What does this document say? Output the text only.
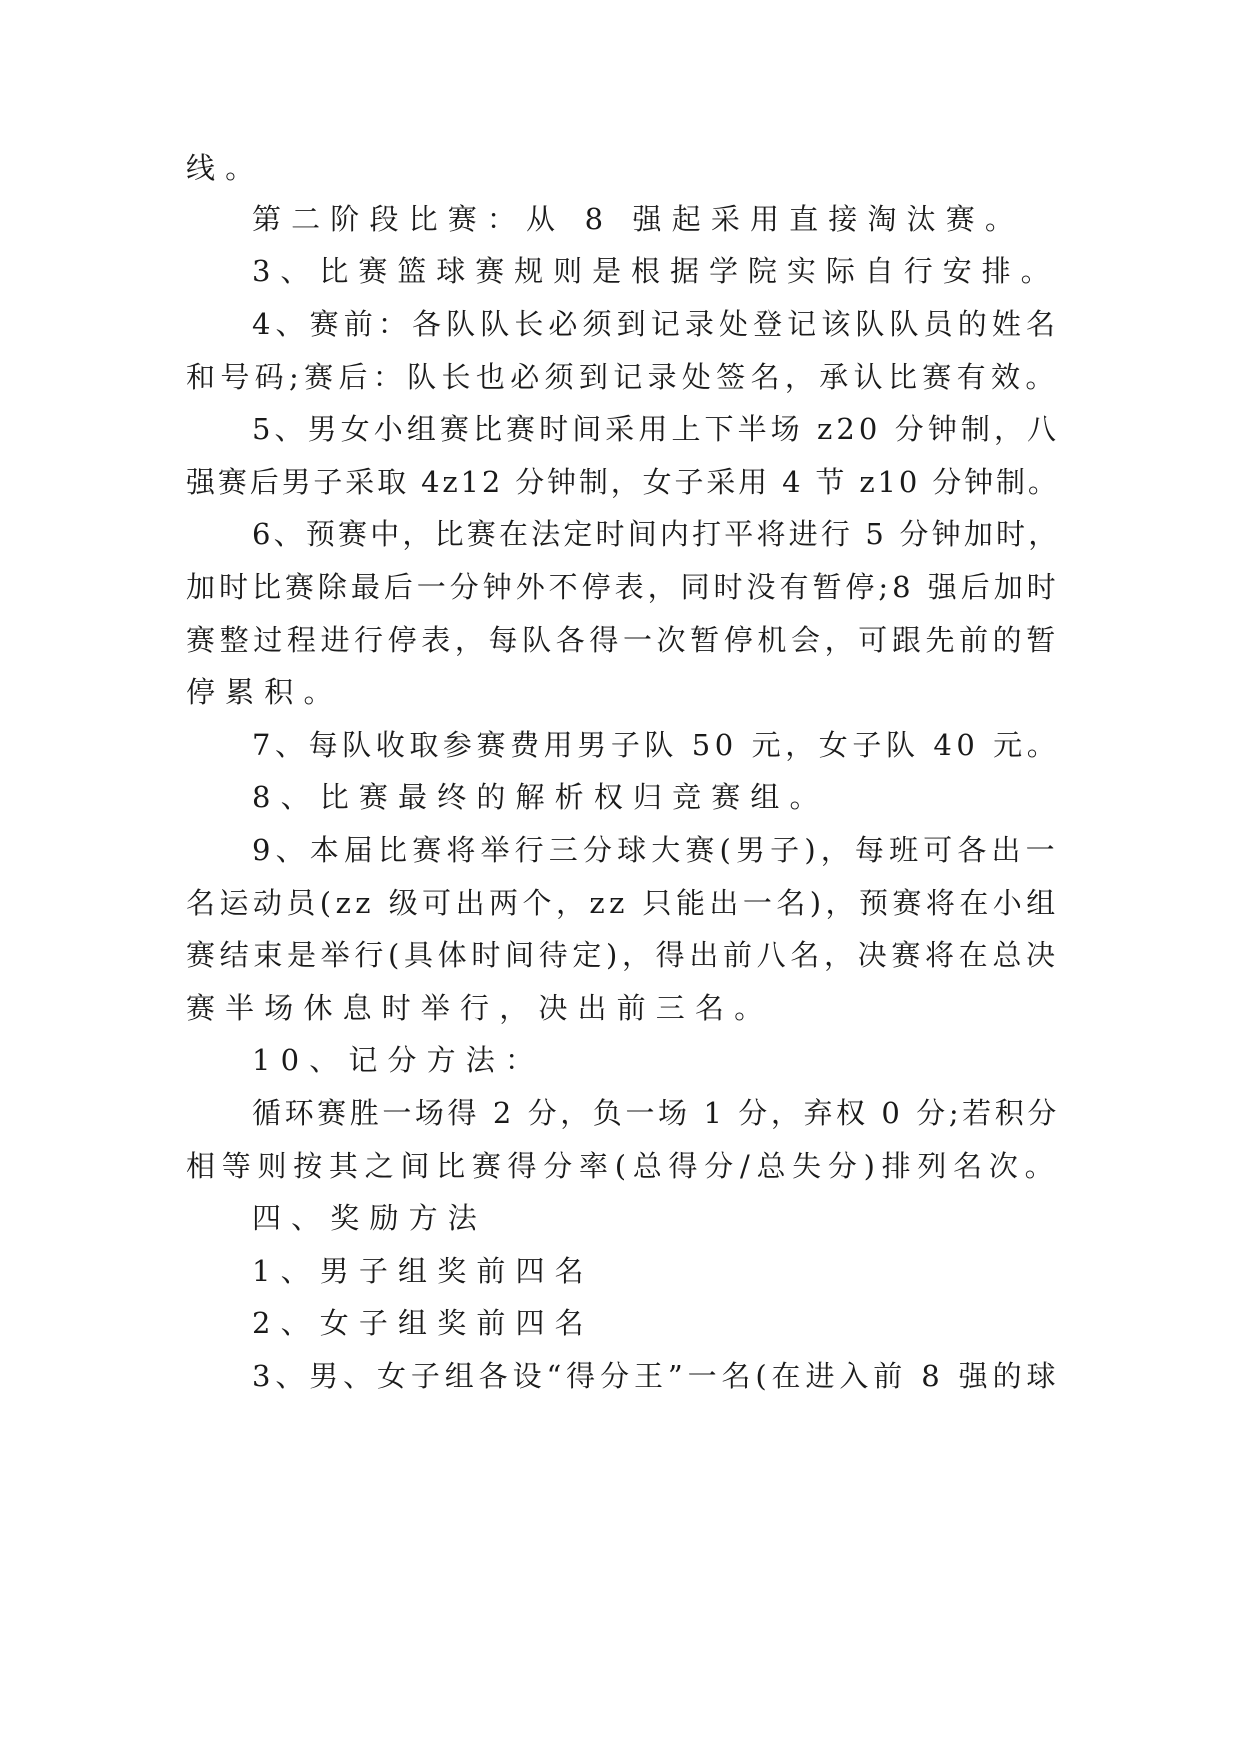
线。
第二阶段比赛：从 8 强起采用直接淘汰赛。
3、比赛篮球赛规则是根据学院实际自行安排。
4、赛前：各队队长必须到记录处登记该队队员的姓名
和号码;赛后：队长也必须到记录处签名，承认比赛有效。
5、男女小组赛比赛时间采用上下半场 z20 分钟制，八
强赛后男子采取 4z12 分钟制，女子采用 4 节 z10 分钟制。
6、预赛中，比赛在法定时间内打平将进行 5 分钟加时，
加时比赛除最后一分钟外不停表，同时没有暂停;8 强后加时
赛整过程进行停表，每队各得一次暂停机会，可跟先前的暂
停累积。
7、每队收取参赛费用男子队 50 元，女子队 40 元。
8、比赛最终的解析权归竞赛组。
9、本届比赛将举行三分球大赛(男子)，每班可各出一
名运动员(zz 级可出两个，zz 只能出一名)，预赛将在小组
赛结束是举行(具体时间待定)，得出前八名，决赛将在总决
赛半场休息时举行，决出前三名。
10、记分方法：
循环赛胜一场得 2 分，负一场 1 分，弃权 0 分;若积分
相等则按其之间比赛得分率(总得分/总失分)排列名次。
四、奖励方法
1、男子组奖前四名
2、女子组奖前四名
3、男、女子组各设“得分王”一名(在进入前 8 强的球
